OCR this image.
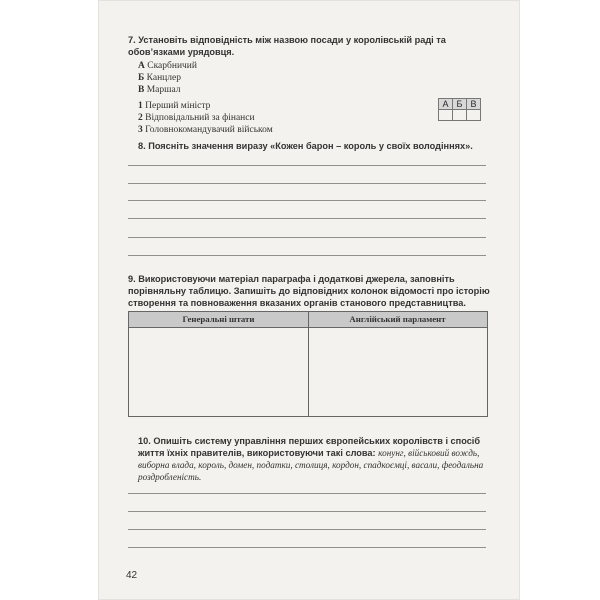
7. Установіть відповідність між назвою посади у королівській раді та обов’язками урядовця.
А Скарбничий
Б Канцлер
В Маршал
1 Перший міністр
2 Відповідальний за фінанси
3 Головнокомандувачий військом
А	Б	В

8. Поясніть значення виразу «Кожен барон – король у своїх володіннях».
9. Використовуючи матеріал параграфа і додаткові джерела, заповніть порівняльну таблицю. Запишіть до відповідних колонок відомості про історію створення та повноваження вказаних органів станового представництва.
Генеральні штати	Англійський парламент
10. Опишіть систему управління перших європейських королівств і спосіб життя їхніх правителів, використовуючи такі слова: конунг, військовий вождь, виборна влада, король, домен, податки, столиця, кордон, спадкоємці, васали, феодальна роздробленість.
42
